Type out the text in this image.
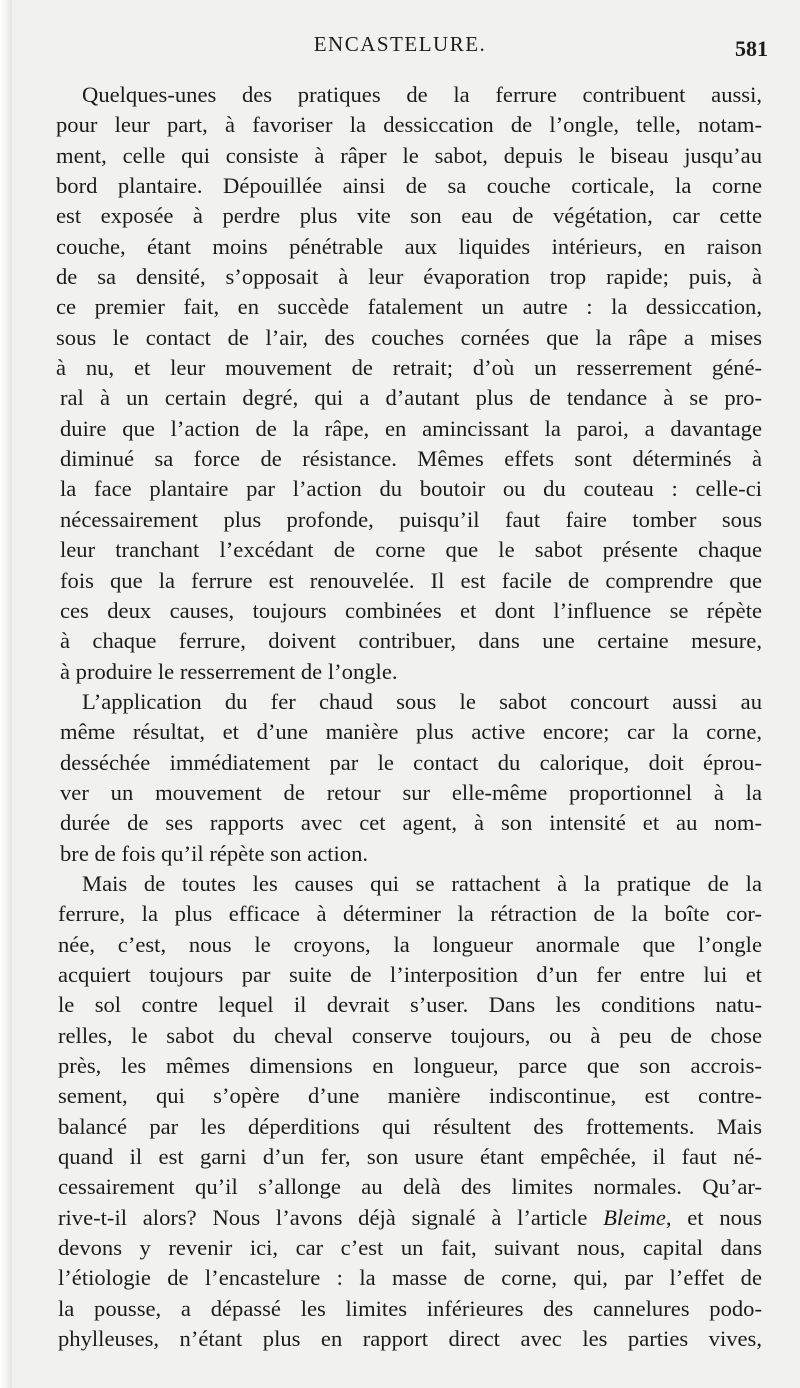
ENCASTELURE.	581
Quelques-unes des pratiques de la ferrure contribuent aussi,
pour leur part, à favoriser la dessiccation de l’ongle, telle, notam-
ment, celle qui consiste à râper le sabot, depuis le biseau jusqu’au
bord plantaire. Dépouillée ainsi de sa couche corticale, la corne
est exposée à perdre plus vite son eau de végétation, car cette
couche, étant moins pénétrable aux liquides intérieurs, en raison
de sa densité, s’opposait à leur évaporation trop rapide; puis, à
ce premier fait, en succède fatalement un autre : la dessiccation,
sous le contact de l’air, des couches cornées que la râpe a mises
à nu, et leur mouvement de retrait; d’où un resserrement géné-
ral à un certain degré, qui a d’autant plus de tendance à se pro-
duire que l’action de la râpe, en amincissant la paroi, a davantage
diminué sa force de résistance. Mêmes effets sont déterminés à
la face plantaire par l’action du boutoir ou du couteau : celle-ci
nécessairement plus profonde, puisqu’il faut faire tomber sous
leur tranchant l’excédant de corne que le sabot présente chaque
fois que la ferrure est renouvelée. Il est facile de comprendre que
ces deux causes, toujours combinées et dont l’influence se répète
à chaque ferrure, doivent contribuer, dans une certaine mesure,
à produire le resserrement de l’ongle.
L’application du fer chaud sous le sabot concourt aussi au
même résultat, et d’une manière plus active encore; car la corne,
desséchée immédiatement par le contact du calorique, doit éprou-
ver un mouvement de retour sur elle-même proportionnel à la
durée de ses rapports avec cet agent, à son intensité et au nom-
bre de fois qu’il répète son action.
Mais de toutes les causes qui se rattachent à la pratique de la
ferrure, la plus efficace à déterminer la rétraction de la boîte cor-
née, c’est, nous le croyons, la longueur anormale que l’ongle
acquiert toujours par suite de l’interposition d’un fer entre lui et
le sol contre lequel il devrait s’user. Dans les conditions natu-
relles, le sabot du cheval conserve toujours, ou à peu de chose
près, les mêmes dimensions en longueur, parce que son accrois-
sement, qui s’opère d’une manière indiscontinue, est contre-
balancé par les déperditions qui résultent des frottements. Mais
quand il est garni d’un fer, son usure étant empêchée, il faut né-
cessairement qu’il s’allonge au delà des limites normales. Qu’ar-
rive-t-il alors? Nous l’avons déjà signalé à l’article Bleime, et nous
devons y revenir ici, car c’est un fait, suivant nous, capital dans
l’étiologie de l’encastelure : la masse de corne, qui, par l’effet de
la pousse, a dépassé les limites inférieures des cannelures podo-
phylleuses, n’étant plus en rapport direct avec les parties vives,
